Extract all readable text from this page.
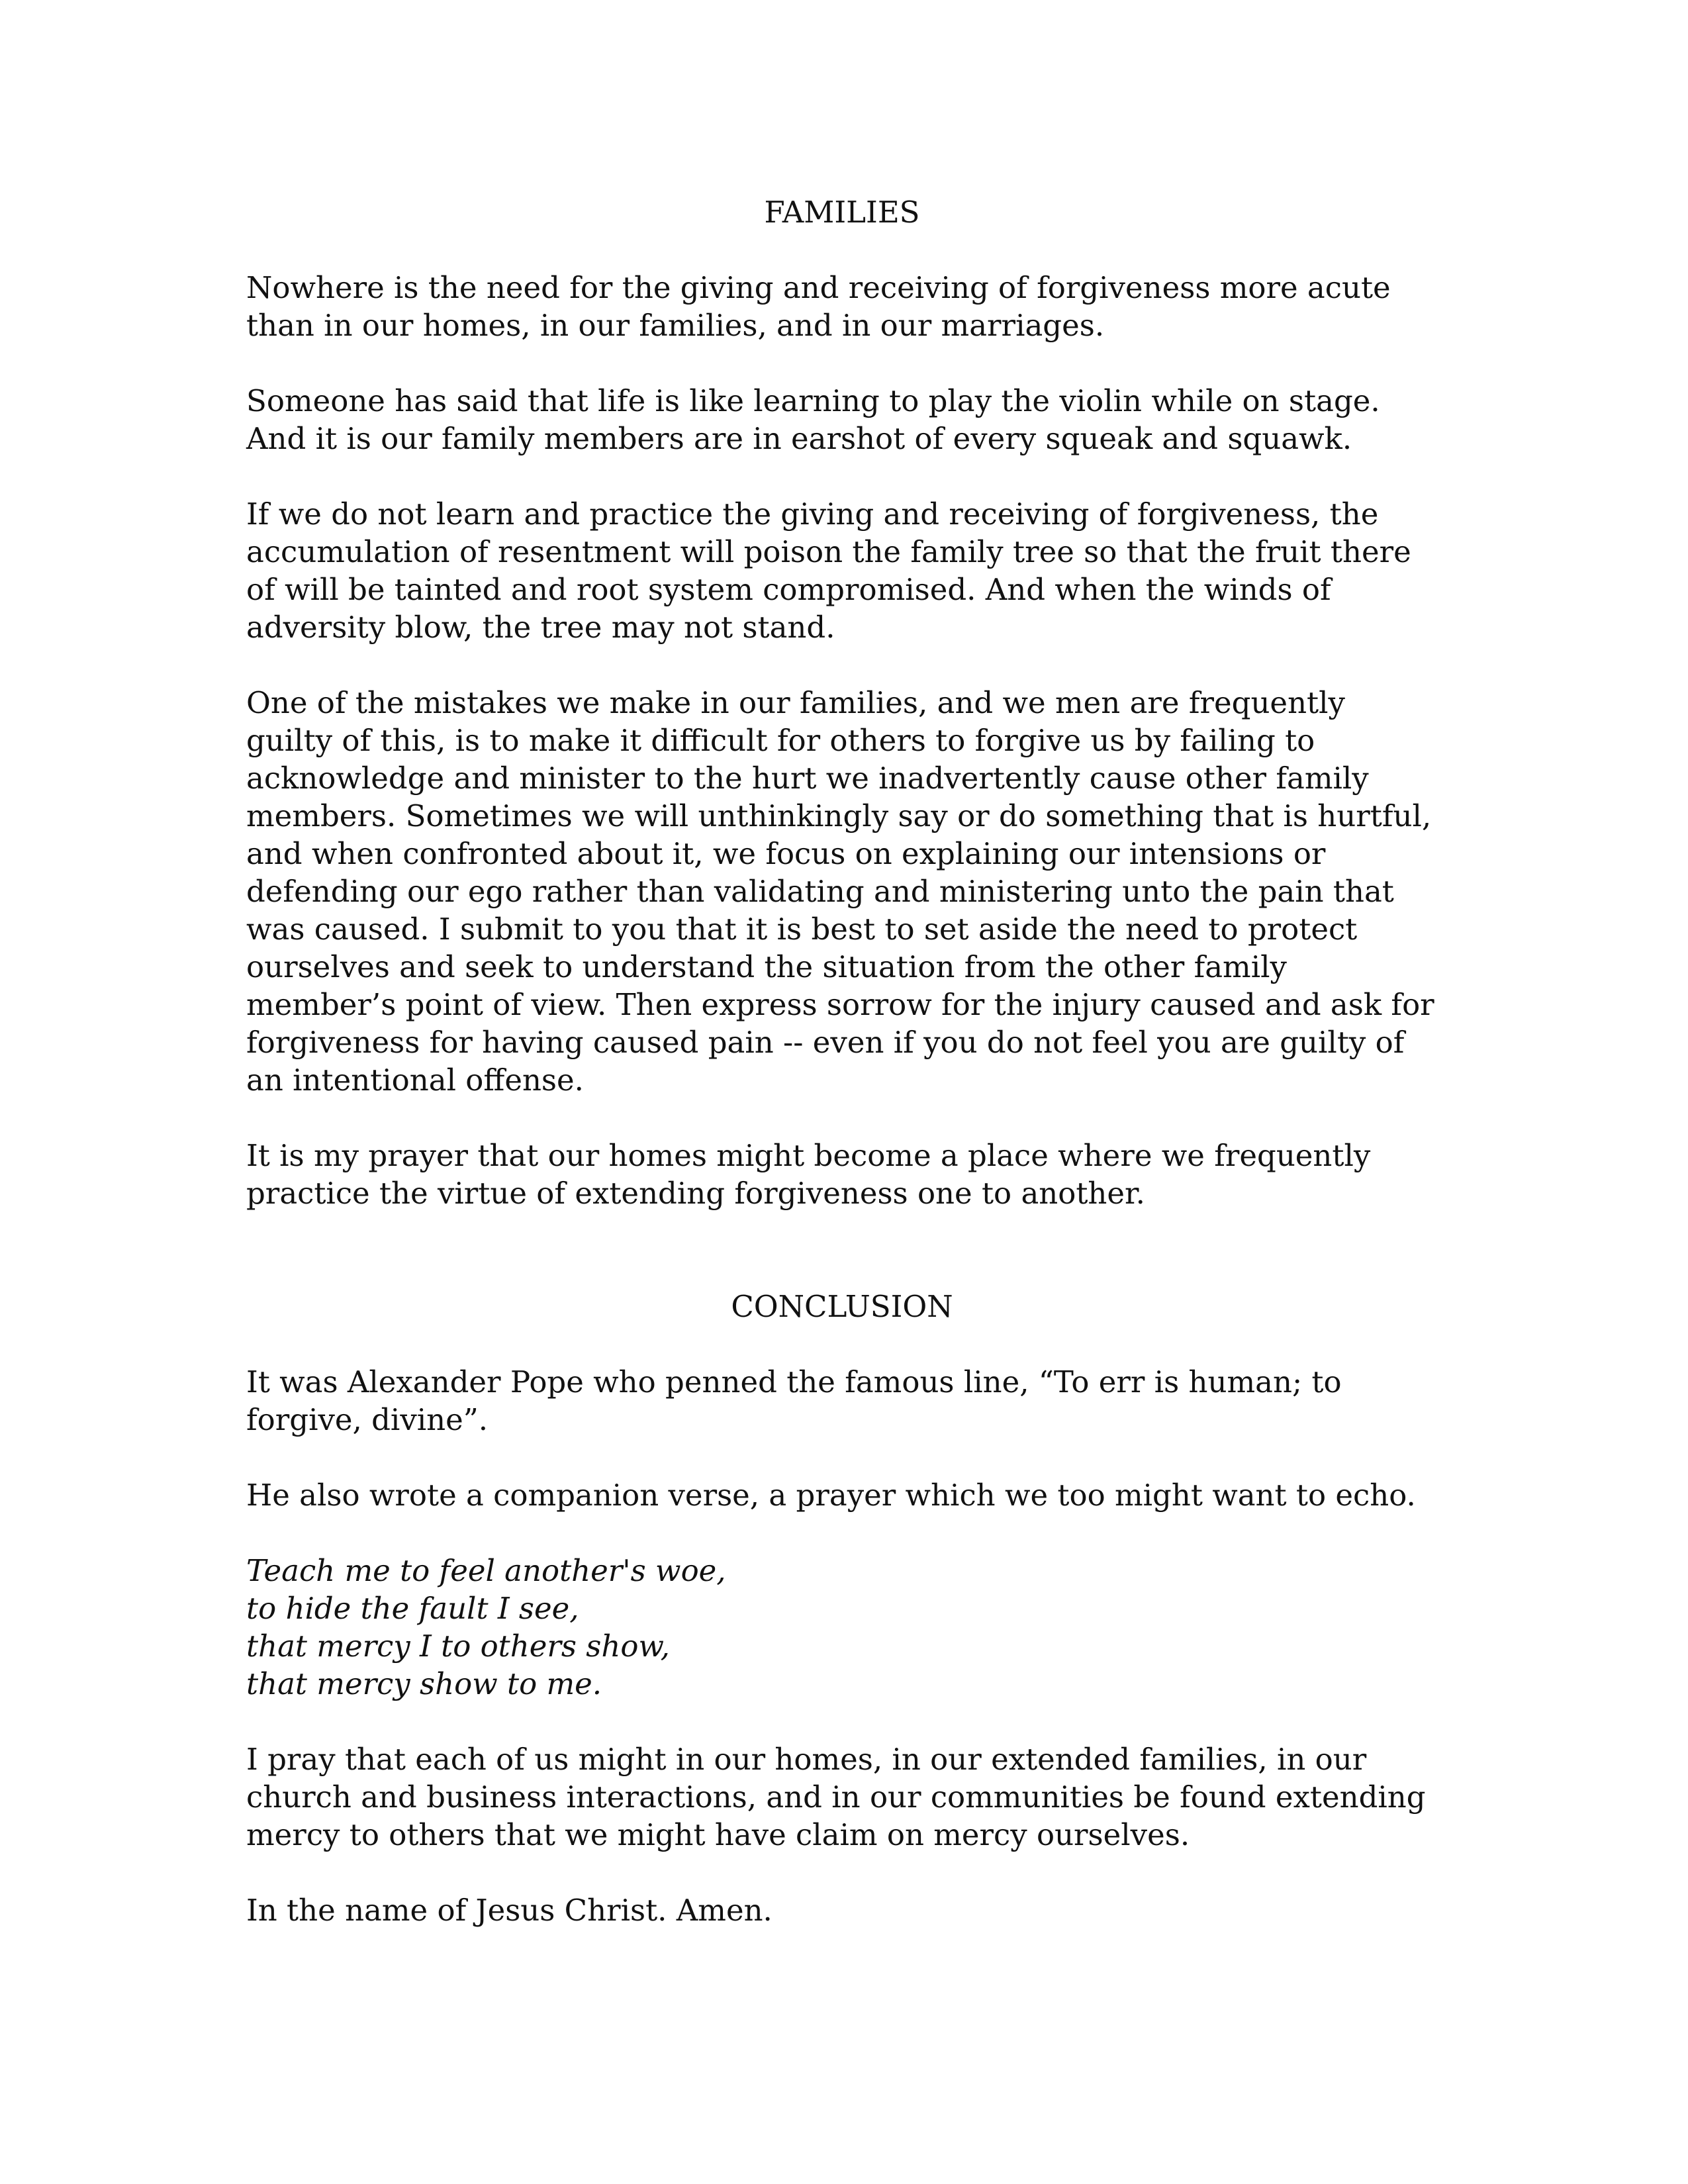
FAMILIES

Nowhere is the need for the giving and receiving of forgiveness more acute than in our homes, in our families, and in our marriages.

Someone has said that life is like learning to play the violin while on stage. And it is our family members are in earshot of every squeak and squawk.

If we do not learn and practice the giving and receiving of forgiveness, the accumulation of resentment will poison the family tree so that the fruit there of will be tainted and root system compromised. And when the winds of adversity blow, the tree may not stand.

One of the mistakes we make in our families, and we men are frequently guilty of this, is to make it difficult for others to forgive us by failing to acknowledge and minister to the hurt we inadvertently cause other family members. Sometimes we will unthinkingly say or do something that is hurtful, and when confronted about it, we focus on explaining our intensions or defending our ego rather than validating and ministering unto the pain that was caused. I submit to you that it is best to set aside the need to protect ourselves and seek to understand the situation from the other family member’s point of view. Then express sorrow for the injury caused and ask for forgiveness for having caused pain -- even if you do not feel you are guilty of an intentional offense.

It is my prayer that our homes might become a place where we frequently practice the virtue of extending forgiveness one to another.

CONCLUSION

It was Alexander Pope who penned the famous line, “To err is human; to forgive, divine”.

He also wrote a companion verse, a prayer which we too might want to echo.

Teach me to feel another's woe,
to hide the fault I see,
that mercy I to others show,
that mercy show to me.

I pray that each of us might in our homes, in our extended families, in our church and business interactions, and in our communities be found extending mercy to others that we might have claim on mercy ourselves.

In the name of Jesus Christ. Amen.
